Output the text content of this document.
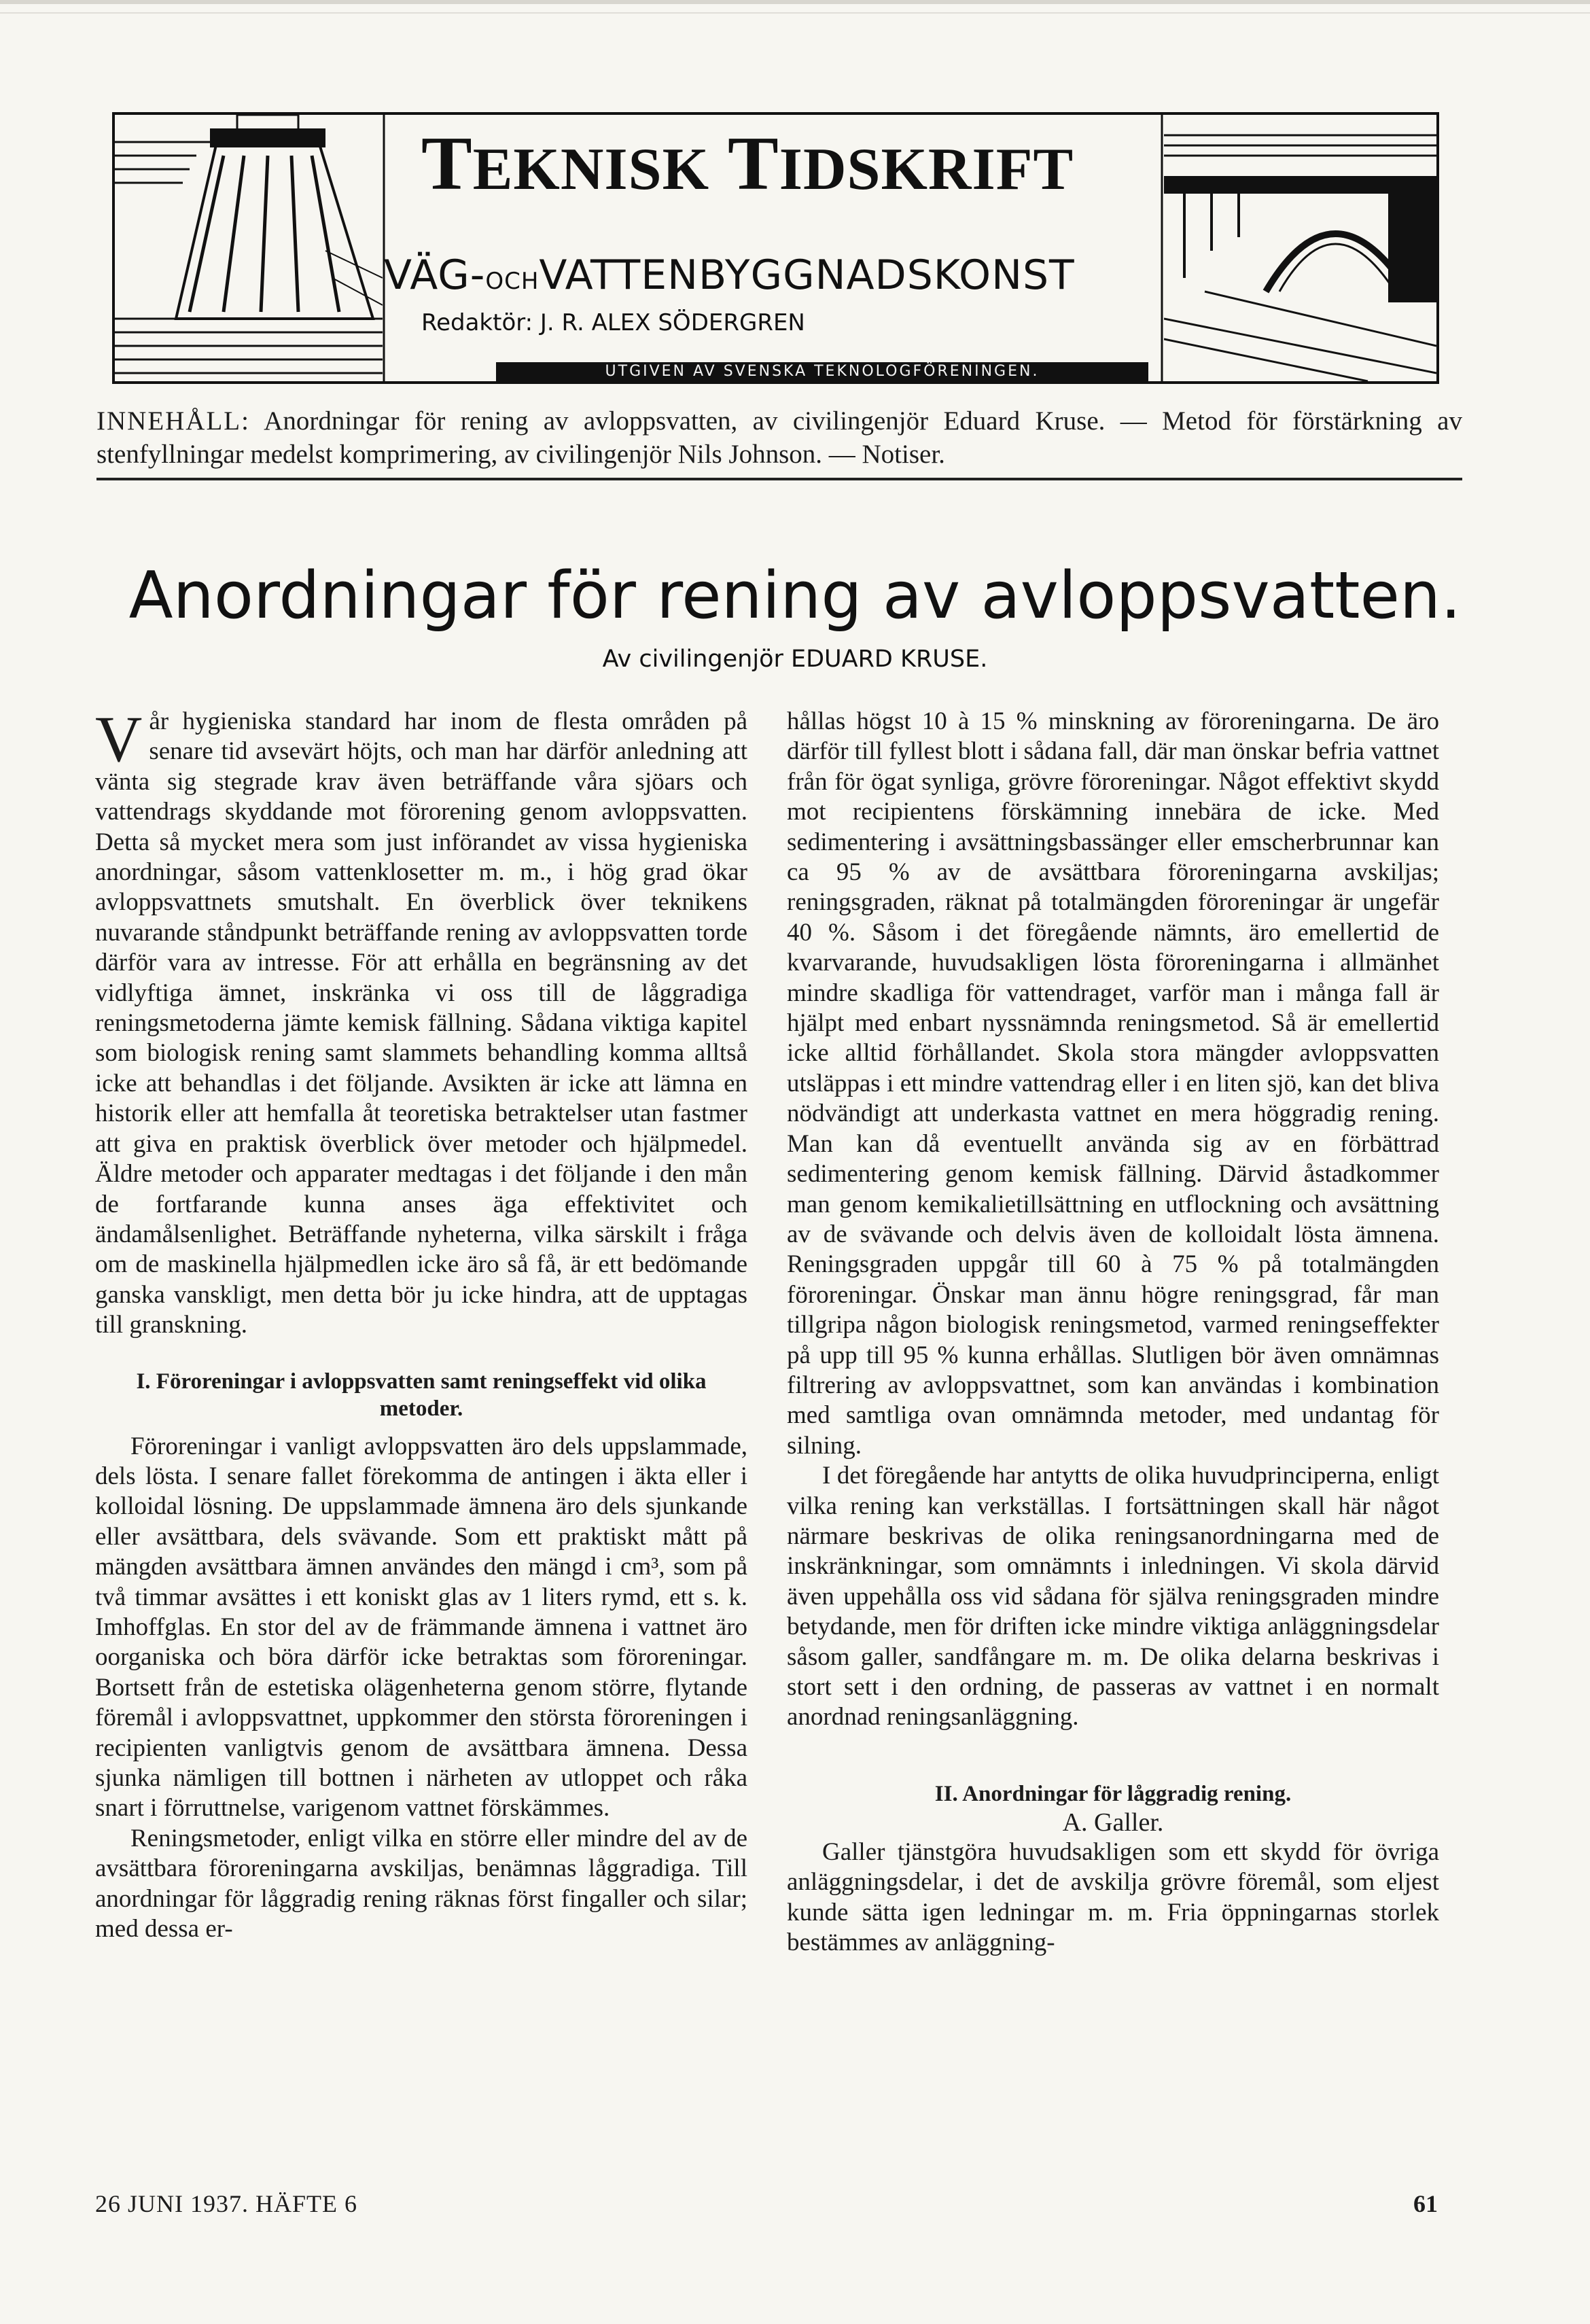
TEKNISK TIDSKRIFT
VÄG-OCHVATTENBYGGNADSKONST
Redaktör: J. R. ALEX SÖDERGREN
UTGIVEN AV SVENSKA TEKNOLOGFÖRENINGEN.
INNEHÅLL: Anordningar för rening av avloppsvatten, av civilingenjör Eduard Kruse. — Metod för förstärkning av stenfyllningar medelst komprimering, av civilingenjör Nils Johnson. — Notiser.
Anordningar för rening av avloppsvatten.
Av civilingenjör EDUARD KRUSE.

Vår hygieniska standard har inom de flesta områden på senare tid avsevärt höjts, och man har därför anledning att vänta sig stegrade krav även beträffande våra sjöars och vattendrags skyddande mot förorening genom avloppsvatten. Detta så mycket mera som just införandet av vissa hygieniska anordningar, såsom vattenklosetter m. m., i hög grad ökar avloppsvattnets smutshalt. En överblick över teknikens nuvarande ståndpunkt beträffande rening av avloppsvatten torde därför vara av intresse. För att erhålla en begränsning av det vidlyftiga ämnet, inskränka vi oss till de låggradiga reningsmetoderna jämte kemisk fällning. Sådana viktiga kapitel som biologisk rening samt slammets behandling komma alltså icke att behandlas i det följande. Avsikten är icke att lämna en historik eller att hemfalla åt teoretiska betraktelser utan fastmer att giva en praktisk överblick över metoder och hjälpmedel. Äldre metoder och apparater medtagas i det följande i den mån de fortfarande kunna anses äga effektivitet och ändamålsenlighet. Beträffande nyheterna, vilka särskilt i fråga om de maskinella hjälpmedlen icke äro så få, är ett bedömande ganska vanskligt, men detta bör ju icke hindra, att de upptagas till granskning.

I. Föroreningar i avloppsvatten samt reningseffekt vid olika metoder.

Föroreningar i vanligt avloppsvatten äro dels uppslammade, dels lösta. I senare fallet förekomma de antingen i äkta eller i kolloidal lösning. De uppslammade ämnena äro dels sjunkande eller avsättbara, dels svävande. Som ett praktiskt mått på mängden avsättbara ämnen användes den mängd i cm³, som på två timmar avsättes i ett koniskt glas av 1 liters rymd, ett s. k. Imhoffglas. En stor del av de främmande ämnena i vattnet äro oorganiska och böra därför icke betraktas som föroreningar. Bortsett från de estetiska olägenheterna genom större, flytande föremål i avloppsvattnet, uppkommer den största föroreningen i recipienten vanligtvis genom de avsättbara ämnena. Dessa sjunka nämligen till bottnen i närheten av utloppet och råka snart i förruttnelse, varigenom vattnet förskämmes.

Reningsmetoder, enligt vilka en större eller mindre del av de avsättbara föroreningarna avskiljas, benämnas låggradiga. Till anordningar för låggradig rening räknas först fingaller och silar; med dessa er-

hållas högst 10 à 15 % minskning av föroreningarna. De äro därför till fyllest blott i sådana fall, där man önskar befria vattnet från för ögat synliga, grövre föroreningar. Något effektivt skydd mot recipientens förskämning innebära de icke. Med sedimentering i avsättningsbassänger eller emscherbrunnar kan ca 95 % av de avsättbara föroreningarna avskiljas; reningsgraden, räknat på totalmängden föroreningar är ungefär 40 %. Såsom i det föregående nämnts, äro emellertid de kvarvarande, huvudsakligen lösta föroreningarna i allmänhet mindre skadliga för vattendraget, varför man i många fall är hjälpt med enbart nyssnämnda reningsmetod. Så är emellertid icke alltid förhållandet. Skola stora mängder avloppsvatten utsläppas i ett mindre vattendrag eller i en liten sjö, kan det bliva nödvändigt att underkasta vattnet en mera höggradig rening. Man kan då eventuellt använda sig av en förbättrad sedimentering genom kemisk fällning. Därvid åstadkommer man genom kemikalietillsättning en utflockning och avsättning av de svävande och delvis även de kolloidalt lösta ämnena. Reningsgraden uppgår till 60 à 75 % på totalmängden föroreningar. Önskar man ännu högre reningsgrad, får man tillgripa någon biologisk reningsmetod, varmed reningseffekter på upp till 95 % kunna erhållas. Slutligen bör även omnämnas filtrering av avloppsvattnet, som kan användas i kombination med samtliga ovan omnämnda metoder, med undantag för silning.

I det föregående har antytts de olika huvudprinciperna, enligt vilka rening kan verkställas. I fortsättningen skall här något närmare beskrivas de olika reningsanordningarna med de inskränkningar, som omnämnts i inledningen. Vi skola därvid även uppehålla oss vid sådana för själva reningsgraden mindre betydande, men för driften icke mindre viktiga anläggningsdelar såsom galler, sandfångare m. m. De olika delarna beskrivas i stort sett i den ordning, de passeras av vattnet i en normalt anordnad reningsanläggning.

II. Anordningar för låggradig rening.
A. Galler.

Galler tjänstgöra huvudsakligen som ett skydd för övriga anläggningsdelar, i det de avskilja grövre föremål, som eljest kunde sätta igen ledningar m. m. Fria öppningarnas storlek bestämmes av anläggning-

26 JUNI 1937. HÄFTE 6	61
